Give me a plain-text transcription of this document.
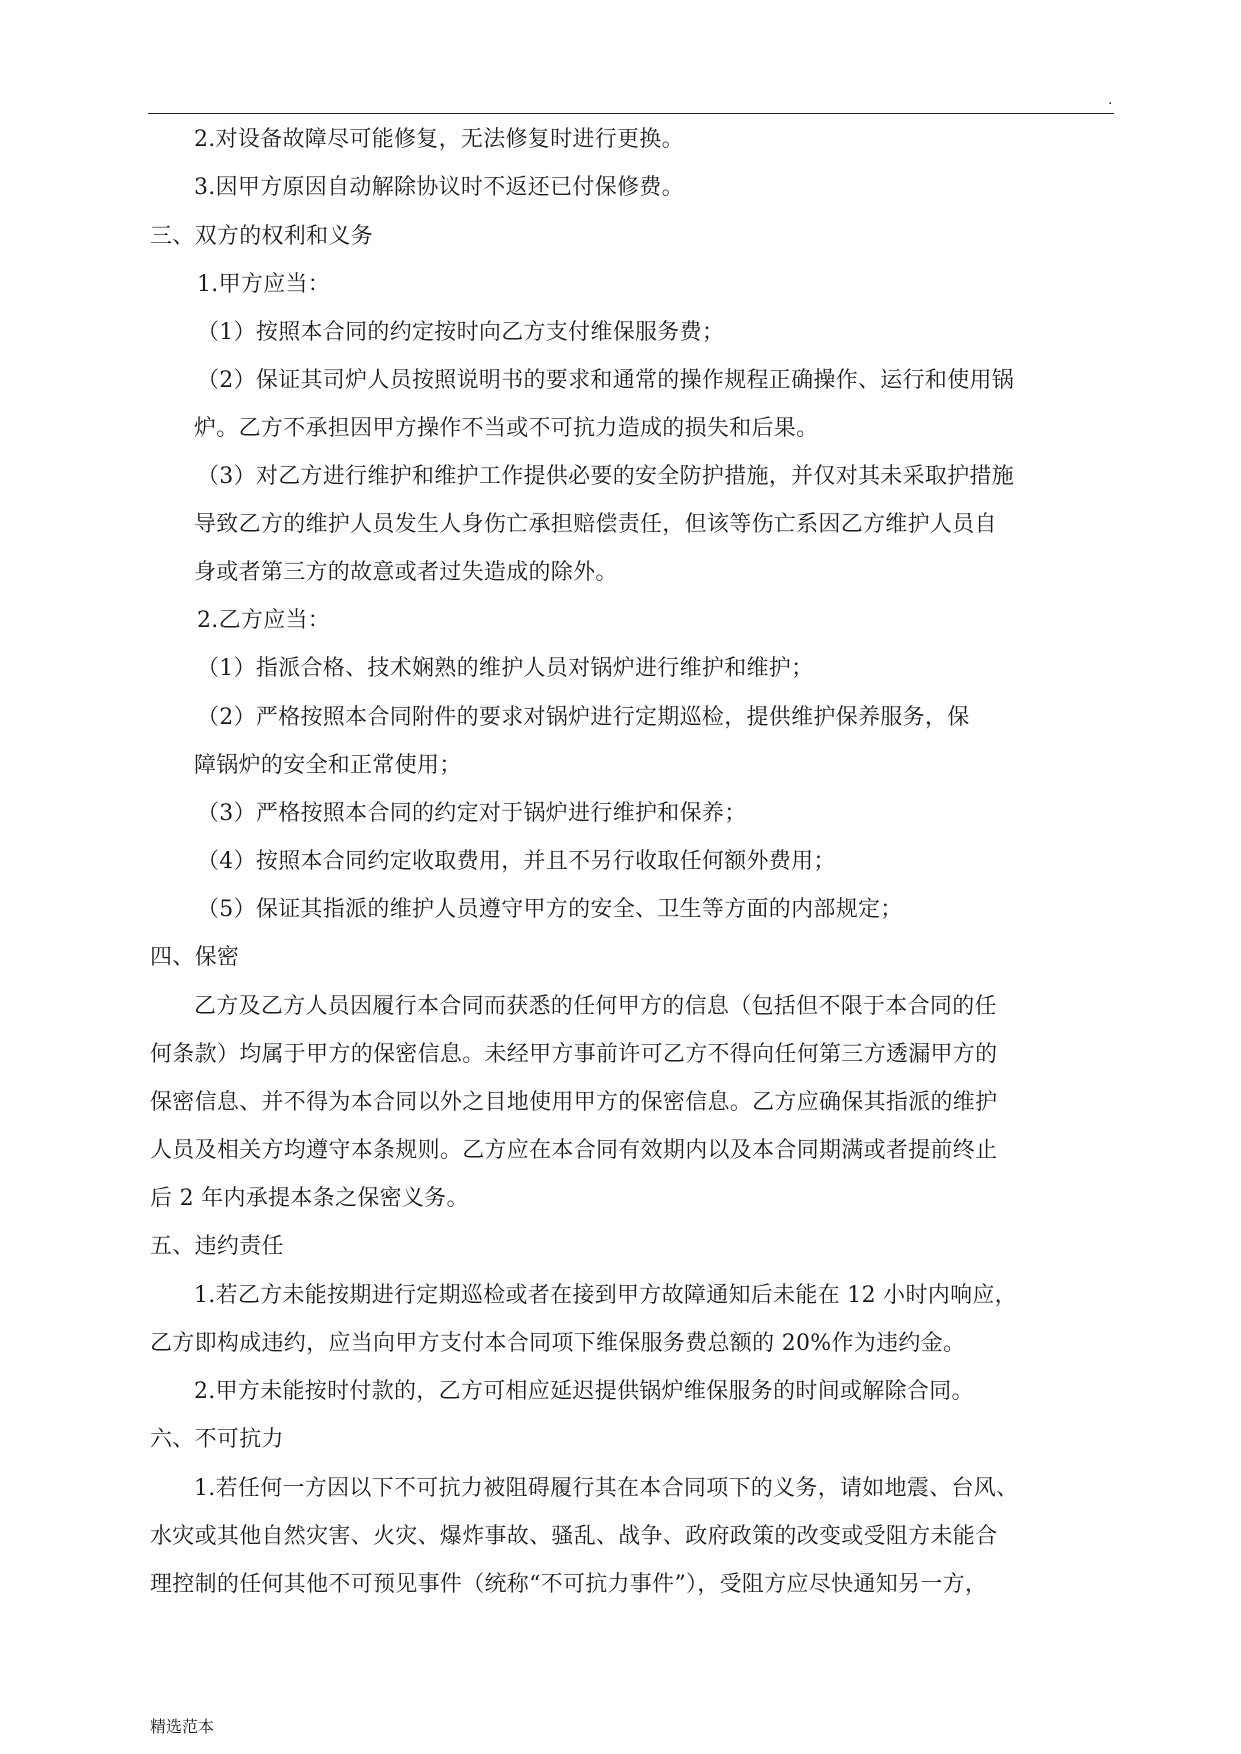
.
2.对设备故障尽可能修复，无法修复时进行更换。
3.因甲方原因自动解除协议时不返还已付保修费。
三、双方的权利和义务
1.甲方应当：
（1）按照本合同的约定按时向乙方支付维保服务费；
（2）保证其司炉人员按照说明书的要求和通常的操作规程正确操作、运行和使用锅
炉。乙方不承担因甲方操作不当或不可抗力造成的损失和后果。
（3）对乙方进行维护和维护工作提供必要的安全防护措施，并仅对其未采取护措施
导致乙方的维护人员发生人身伤亡承担赔偿责任，但该等伤亡系因乙方维护人员自
身或者第三方的故意或者过失造成的除外。
2.乙方应当：
（1）指派合格、技术娴熟的维护人员对锅炉进行维护和维护；
（2）严格按照本合同附件的要求对锅炉进行定期巡检，提供维护保养服务，保
障锅炉的安全和正常使用；
（3）严格按照本合同的约定对于锅炉进行维护和保养；
（4）按照本合同约定收取费用，并且不另行收取任何额外费用；
（5）保证其指派的维护人员遵守甲方的安全、卫生等方面的内部规定；
四、保密
乙方及乙方人员因履行本合同而获悉的任何甲方的信息（包括但不限于本合同的任
何条款）均属于甲方的保密信息。未经甲方事前许可乙方不得向任何第三方透漏甲方的
保密信息、并不得为本合同以外之目地使用甲方的保密信息。乙方应确保其指派的维护
人员及相关方均遵守本条规则。乙方应在本合同有效期内以及本合同期满或者提前终止
后 2 年内承提本条之保密义务。
五、违约责任
1.若乙方未能按期进行定期巡检或者在接到甲方故障通知后未能在 12 小时内响应，
乙方即构成违约，应当向甲方支付本合同项下维保服务费总额的 20%作为违约金。
2.甲方未能按时付款的，乙方可相应延迟提供锅炉维保服务的时间或解除合同。
六、不可抗力
1.若任何一方因以下不可抗力被阻碍履行其在本合同项下的义务，请如地震、台风、
水灾或其他自然灾害、火灾、爆炸事故、骚乱、战争、政府政策的改变或受阻方未能合
理控制的任何其他不可预见事件（统称“不可抗力事件”），受阻方应尽快通知另一方，
精选范本
